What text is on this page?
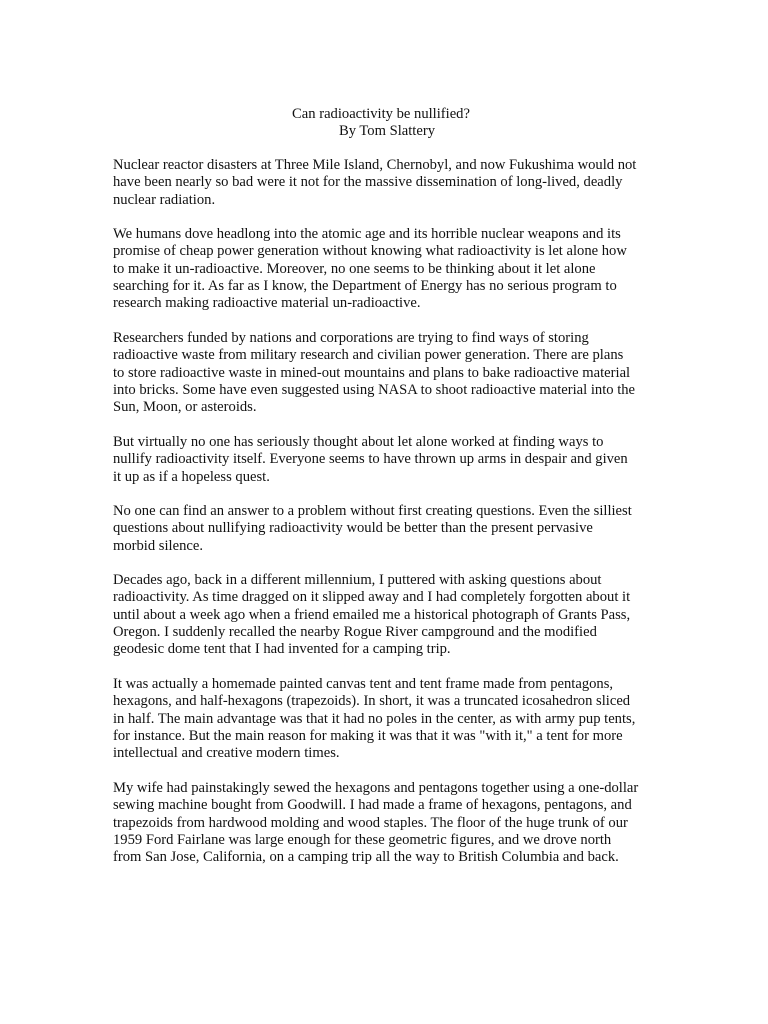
Can radioactivity be nullified?
By Tom Slattery
Nuclear reactor disasters at Three Mile Island, Chernobyl, and now Fukushima would not
have been nearly so bad were it not for the massive dissemination of long-lived, deadly
nuclear radiation.
We humans dove headlong into the atomic age and its horrible nuclear weapons and its
promise of cheap power generation without knowing what radioactivity is let alone how
to make it un-radioactive. Moreover, no one seems to be thinking about it let alone
searching for it. As far as I know, the Department of Energy has no serious program to
research making radioactive material un-radioactive.
Researchers funded by nations and corporations are trying to find ways of storing
radioactive waste from military research and civilian power generation. There are plans
to store radioactive waste in mined-out mountains and plans to bake radioactive material
into bricks. Some have even suggested using NASA to shoot radioactive material into the
Sun, Moon, or asteroids.
But virtually no one has seriously thought about let alone worked at finding ways to
nullify radioactivity itself. Everyone seems to have thrown up arms in despair and given
it up as if a hopeless quest.
No one can find an answer to a problem without first creating questions. Even the silliest
questions about nullifying radioactivity would be better than the present pervasive
morbid silence.
Decades ago, back in a different millennium, I puttered with asking questions about
radioactivity. As time dragged on it slipped away and I had completely forgotten about it
until about a week ago when a friend emailed me a historical photograph of Grants Pass,
Oregon. I suddenly recalled the nearby Rogue River campground and the modified
geodesic dome tent that I had invented for a camping trip.
It was actually a homemade painted canvas tent and tent frame made from pentagons,
hexagons, and half-hexagons (trapezoids). In short, it was a truncated icosahedron sliced
in half. The main advantage was that it had no poles in the center, as with army pup tents,
for instance. But the main reason for making it was that it was "with it," a tent for more
intellectual and creative modern times.
My wife had painstakingly sewed the hexagons and pentagons together using a one-dollar
sewing machine bought from Goodwill. I had made a frame of hexagons, pentagons, and
trapezoids from hardwood molding and wood staples. The floor of the huge trunk of our
1959 Ford Fairlane was large enough for these geometric figures, and we drove north
from San Jose, California, on a camping trip all the way to British Columbia and back.
